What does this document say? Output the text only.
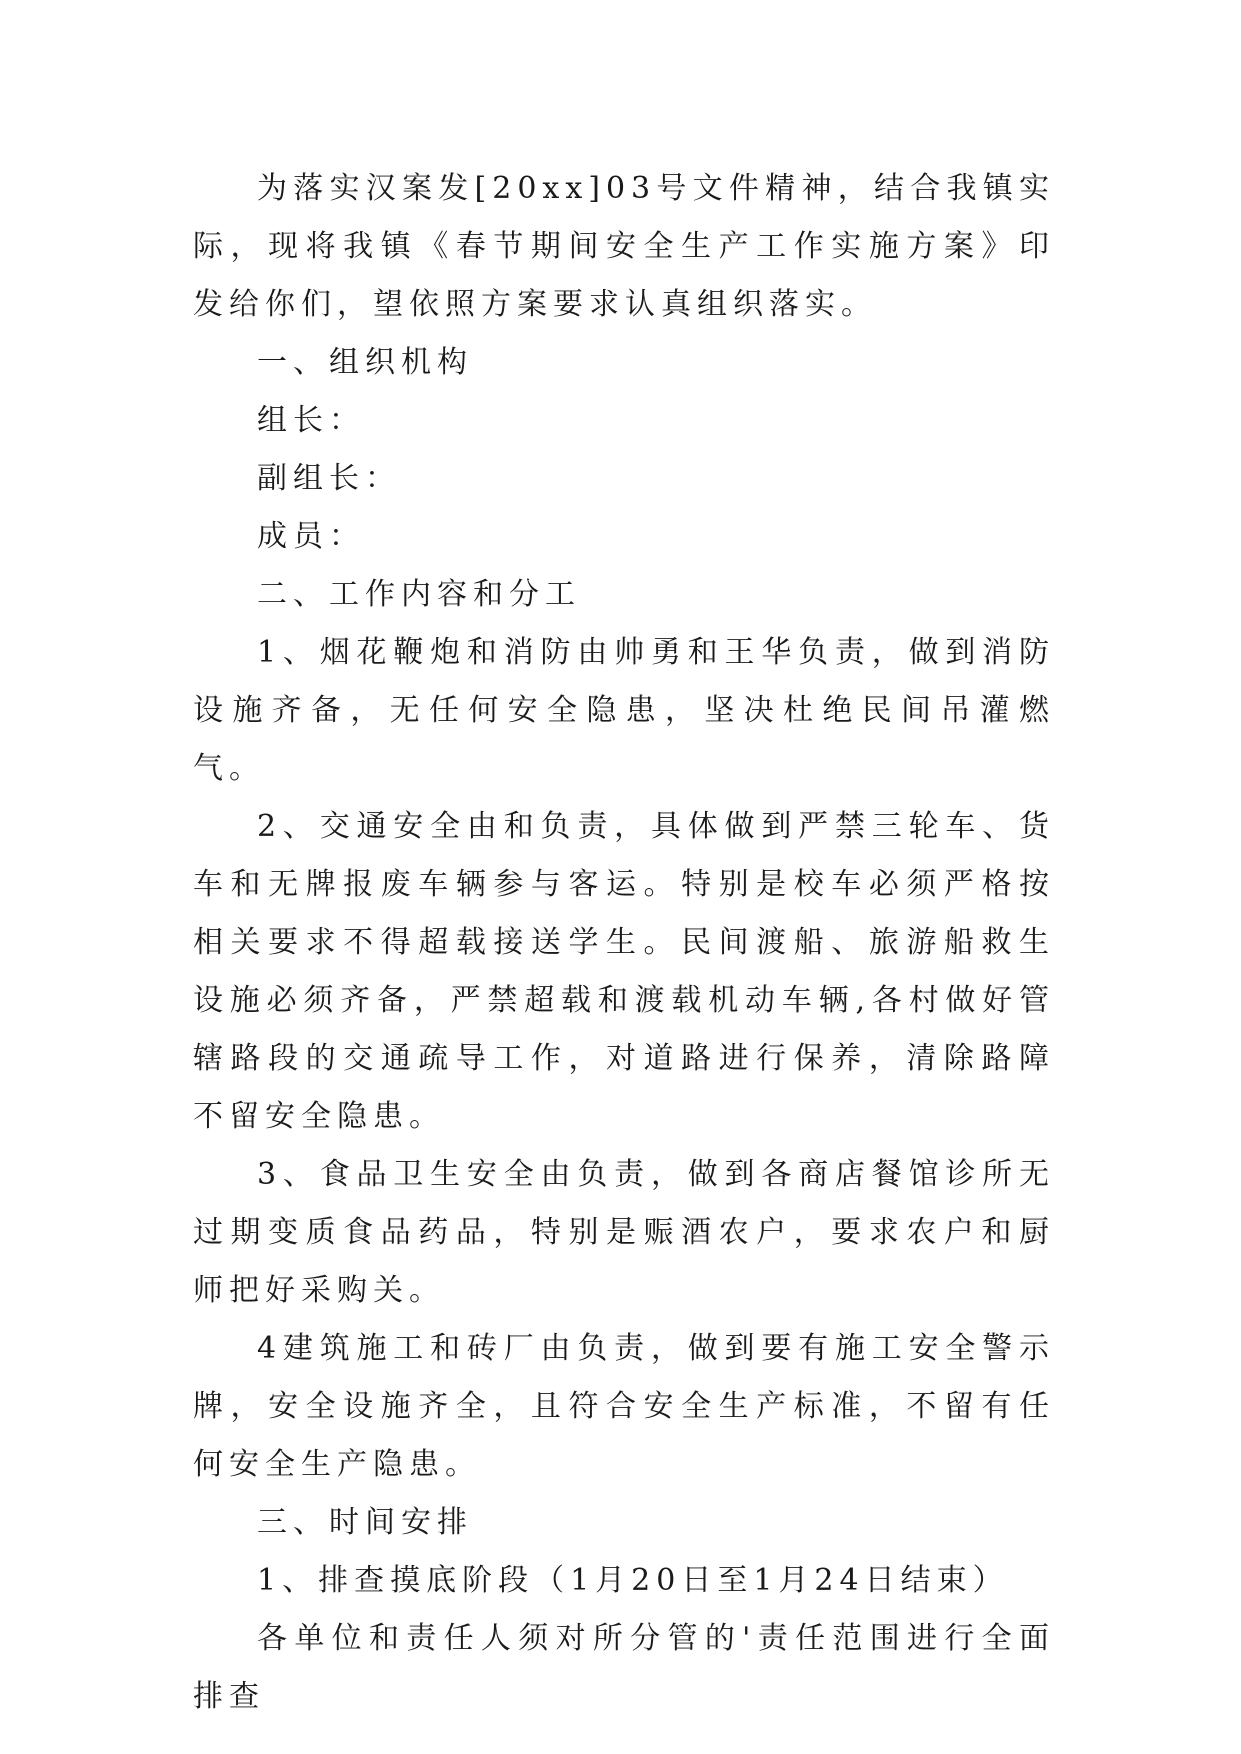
为落实汉案发[20xx]03号文件精神，结合我镇实际，现将我镇《春节期间安全生产工作实施方案》印发给你们，望依照方案要求认真组织落实。

一、组织机构

组长：

副组长：

成员：

二、工作内容和分工

1、烟花鞭炮和消防由帅勇和王华负责，做到消防设施齐备，无任何安全隐患，坚决杜绝民间吊灌燃气。

2、交通安全由和负责，具体做到严禁三轮车、货车和无牌报废车辆参与客运。特别是校车必须严格按相关要求不得超载接送学生。民间渡船、旅游船救生设施必须齐备，严禁超载和渡载机动车辆,各村做好管辖路段的交通疏导工作，对道路进行保养，清除路障不留安全隐患。

3、食品卫生安全由负责，做到各商店餐馆诊所无过期变质食品药品，特别是赈酒农户，要求农户和厨师把好采购关。

4建筑施工和砖厂由负责，做到要有施工安全警示牌，安全设施齐全，且符合安全生产标准，不留有任何安全生产隐患。

三、时间安排

1、排查摸底阶段（1月20日至1月24日结束）

各单位和责任人须对所分管的'责任范围进行全面排查
